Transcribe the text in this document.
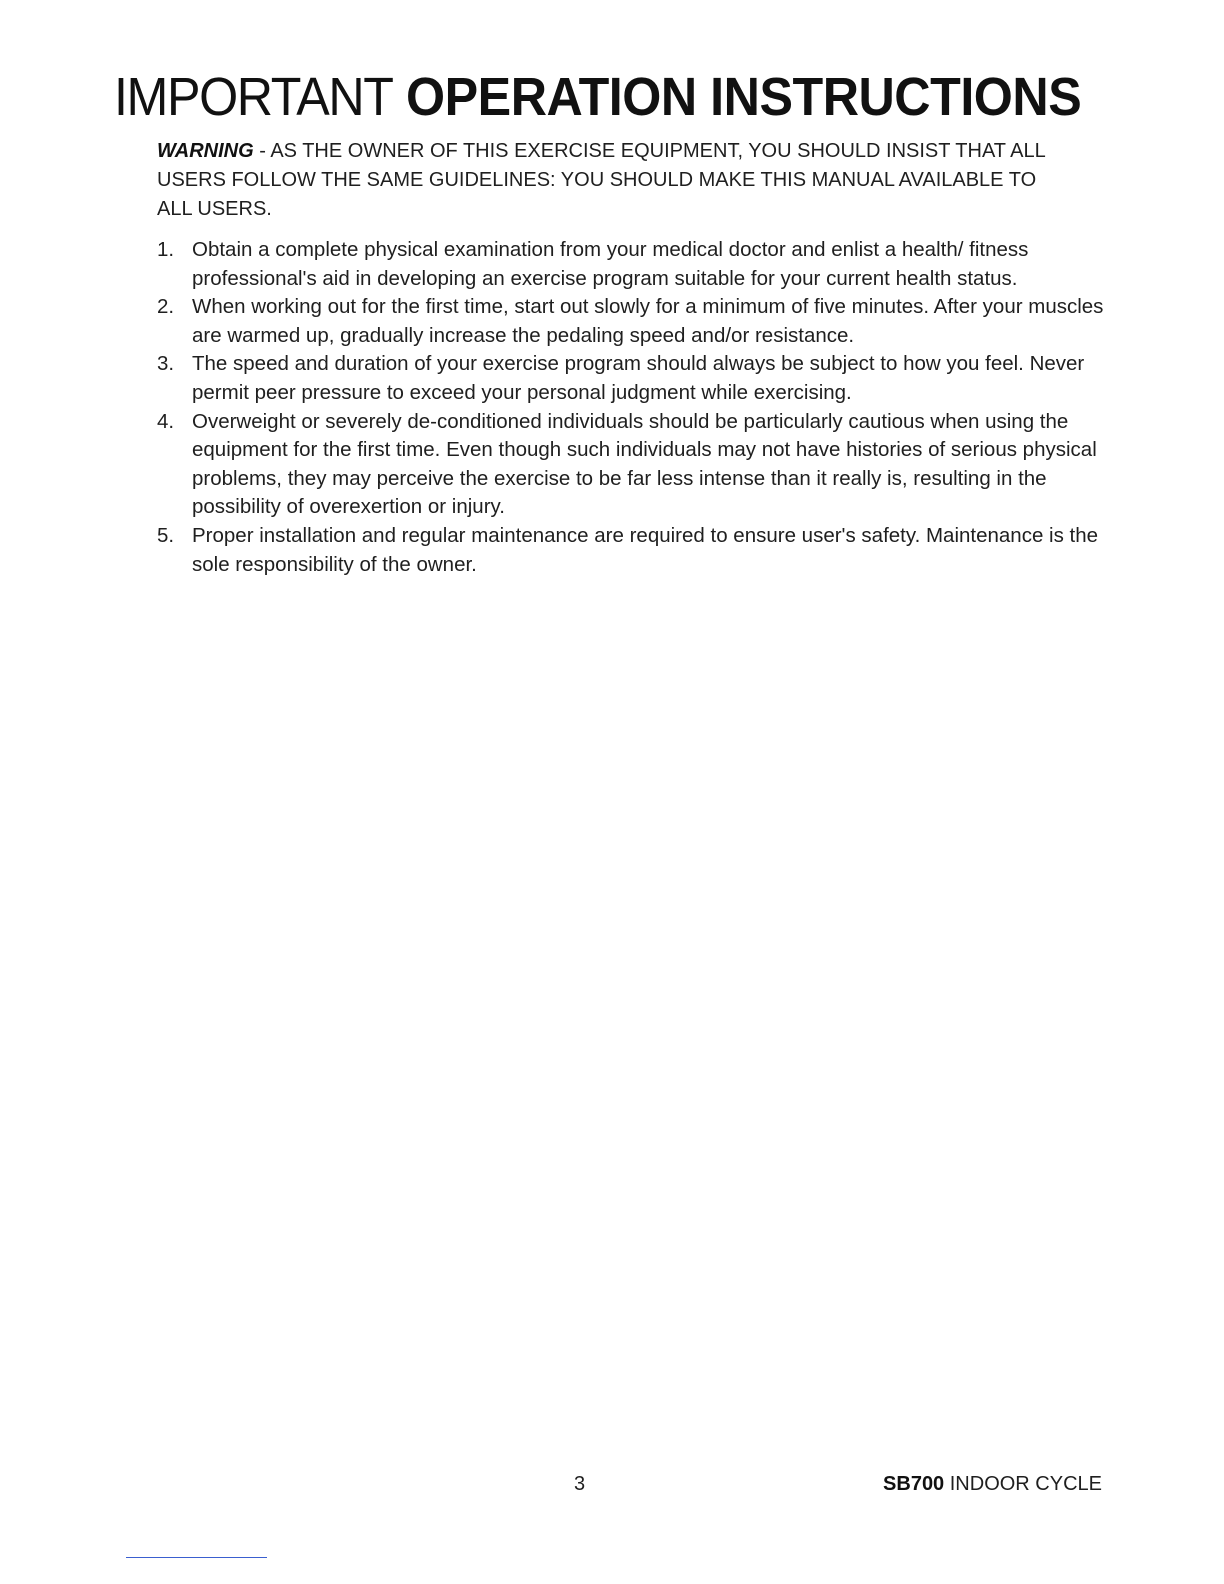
IMPORTANT OPERATION INSTRUCTIONS

WARNING - AS THE OWNER OF THIS EXERCISE EQUIPMENT, YOU SHOULD INSIST THAT ALL USERS FOLLOW THE SAME GUIDELINES: YOU SHOULD MAKE THIS MANUAL AVAILABLE TO ALL USERS.

1. Obtain a complete physical examination from your medical doctor and enlist a health/ fitness professional's aid in developing an exercise program suitable for your current health status.
2. When working out for the first time, start out slowly for a minimum of five minutes. After your muscles are warmed up, gradually increase the pedaling speed and/or resistance.
3. The speed and duration of your exercise program should always be subject to how you feel. Never permit peer pressure to exceed your personal judgment while exercising.
4. Overweight or severely de-conditioned individuals should be particularly cautious when using the equipment for the first time. Even though such individuals may not have histories of serious physical problems, they may perceive the exercise to be far less intense than it really is, resulting in the possibility of overexertion or injury.
5. Proper installation and regular maintenance are required to ensure user's safety. Maintenance is the sole responsibility of the owner.
3	SB700 INDOOR CYCLE
